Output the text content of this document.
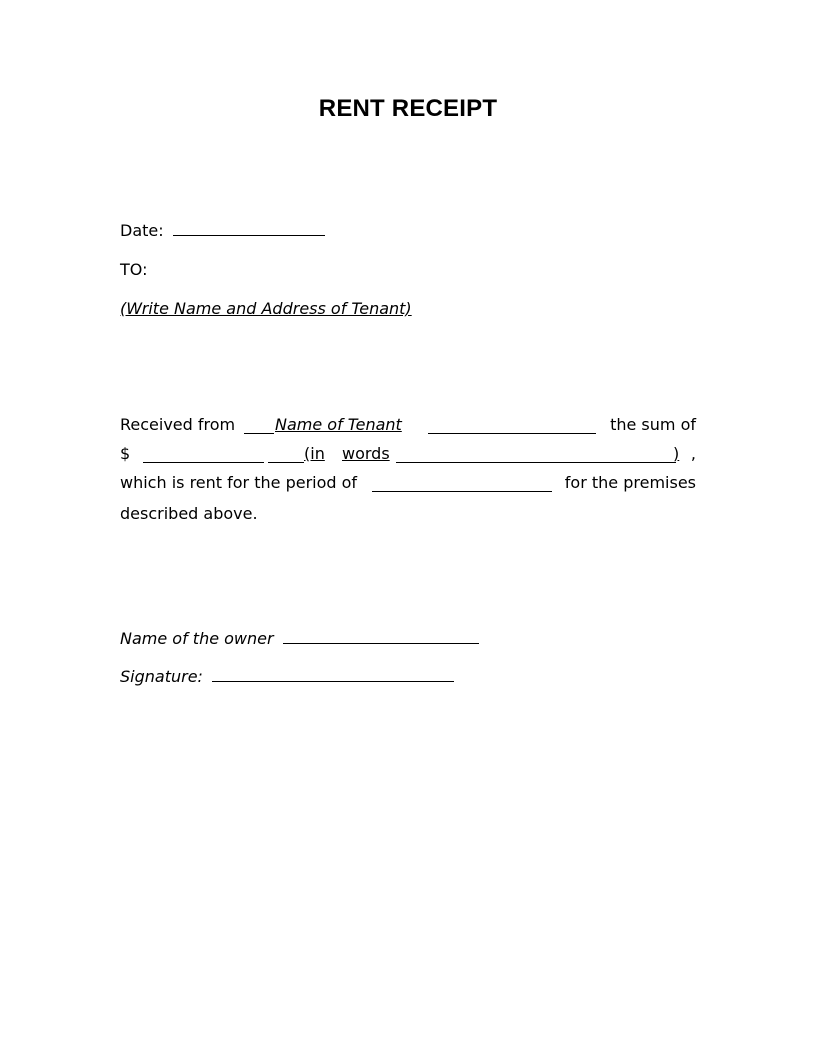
RENT RECEIPT
Date:
TO:
(Write Name and Address of Tenant)
Received from Name of Tenant	the sum of
$	(in words	) ,
which is rent for the period of	for the premises
described above.
Name of the owner
Signature:
